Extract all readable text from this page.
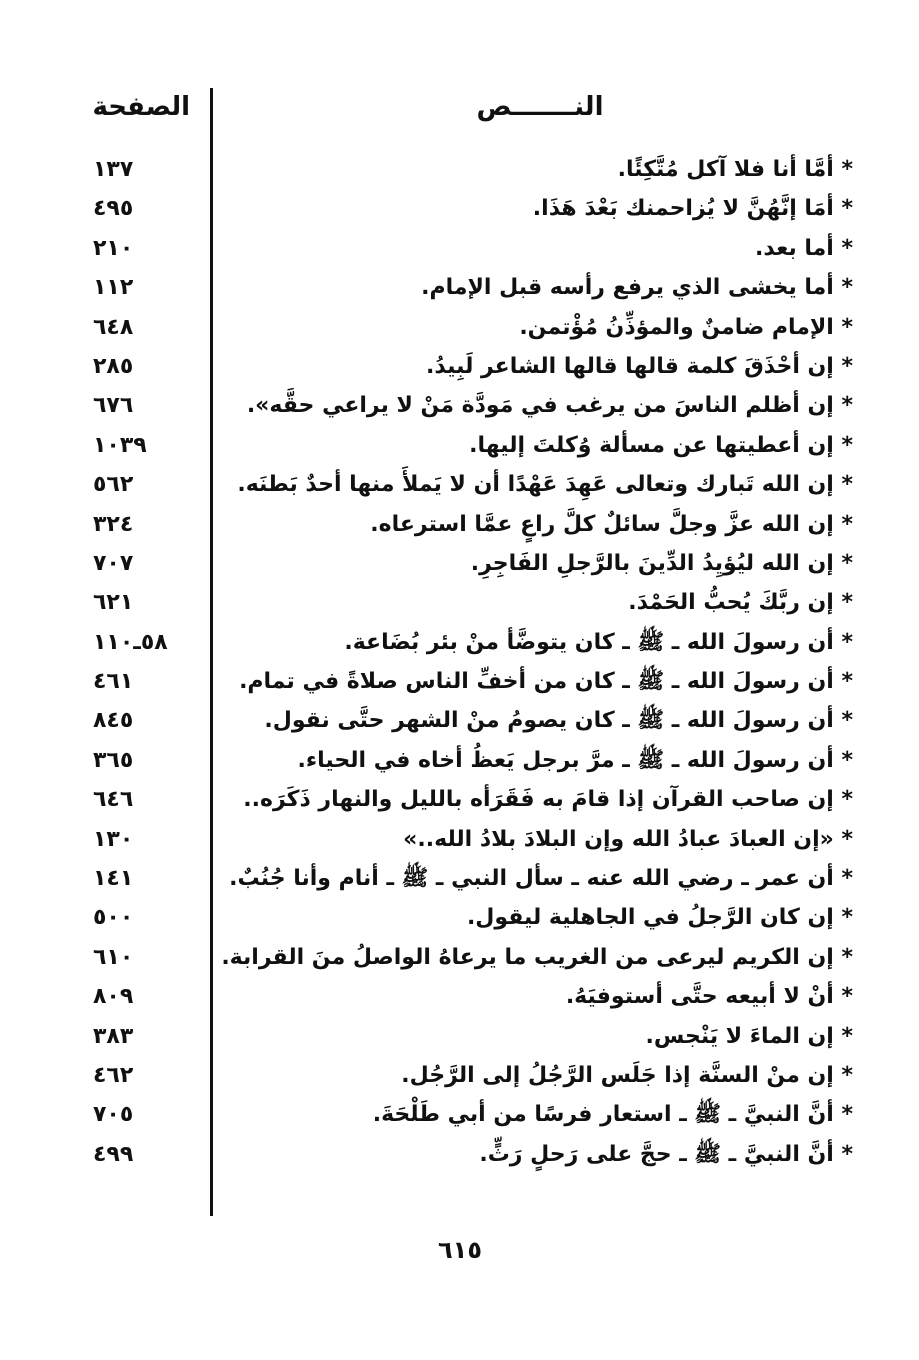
النـــــــص
الصفحة
* أمَّا أنا فلا آكل مُتَّكِئًا.
١٣٧
* أمَا إنَّهُنَّ لا يُزاحمنك بَعْدَ هَذَا.
٤٩٥
* أما بعد.
٢١٠
* أما يخشى الذي يرفع رأسه قبل الإمام.
١١٢
* الإمام ضامنٌ والمؤذِّنُ مُؤْتمن.
٦٤٨
* إن أحْذَقَ كلمة قالها قالها الشاعر لَبِيدُ.
٢٨٥
* إن أظلم الناسَ من يرغب في مَودَّة مَنْ لا يراعي حقَّه».
٦٧٦
* إن أعطيتها عن مسألة وُكلتَ إليها.
١٠٣٩
* إن الله تَبارك وتعالى عَهِدَ عَهْدًا أن لا يَملأَ منها أحدٌ بَطنَه.
٥٦٢
* إن الله عزَّ وجلَّ سائلٌ كلَّ راعٍ عمَّا استرعاه.
٣٢٤
* إن الله ليُؤيِدُ الدِّينَ بالرَّجلِ الفَاجِرِ.
٧٠٧
* إن ربَّكَ يُحبُّ الحَمْدَ.
٦٢١
* أن رسولَ الله ـ ﷺ ـ كان يتوضَّأ منْ بئر بُضَاعة.
٥٨ـ١١٠
* أن رسولَ الله ـ ﷺ ـ كان من أخفِّ الناس صلاةً في تمام.
٤٦١
* أن رسولَ الله ـ ﷺ ـ كان يصومُ منْ الشهر حتَّى نقول.
٨٤٥
* أن رسولَ الله ـ ﷺ ـ مرَّ برجل يَعظُ أخاه في الحياء.
٣٦٥
* إن صاحب القرآن إذا قامَ به فَقَرَأه بالليل والنهار ذَكَرَه..
٦٤٦
* «إن العبادَ عبادُ الله وإن البلادَ بلادُ الله..»
١٣٠
* أن عمر ـ رضي الله عنه ـ سأل النبي ـ ﷺ ـ أنام وأنا جُنُبٌ.
١٤١
* إن كان الرَّجلُ في الجاهلية ليقول.
٥٠٠
* إن الكريم ليرعى من الغريب ما يرعاهُ الواصلُ منَ القرابة.
٦١٠
* أنْ لا أبيعه حتَّى أستوفيَهُ.
٨٠٩
* إن الماءَ لا يَنْجس.
٣٨٣
* إن منْ السنَّة إذا جَلَس الرَّجُلُ إلى الرَّجُل.
٤٦٢
* أنَّ النبيَّ ـ ﷺ ـ استعار فرسًا من أبي طَلْحَةَ.
٧٠٥
* أنَّ النبيَّ ـ ﷺ ـ حجَّ على رَحلٍ رَثٍّ.
٤٩٩
٦١٥
